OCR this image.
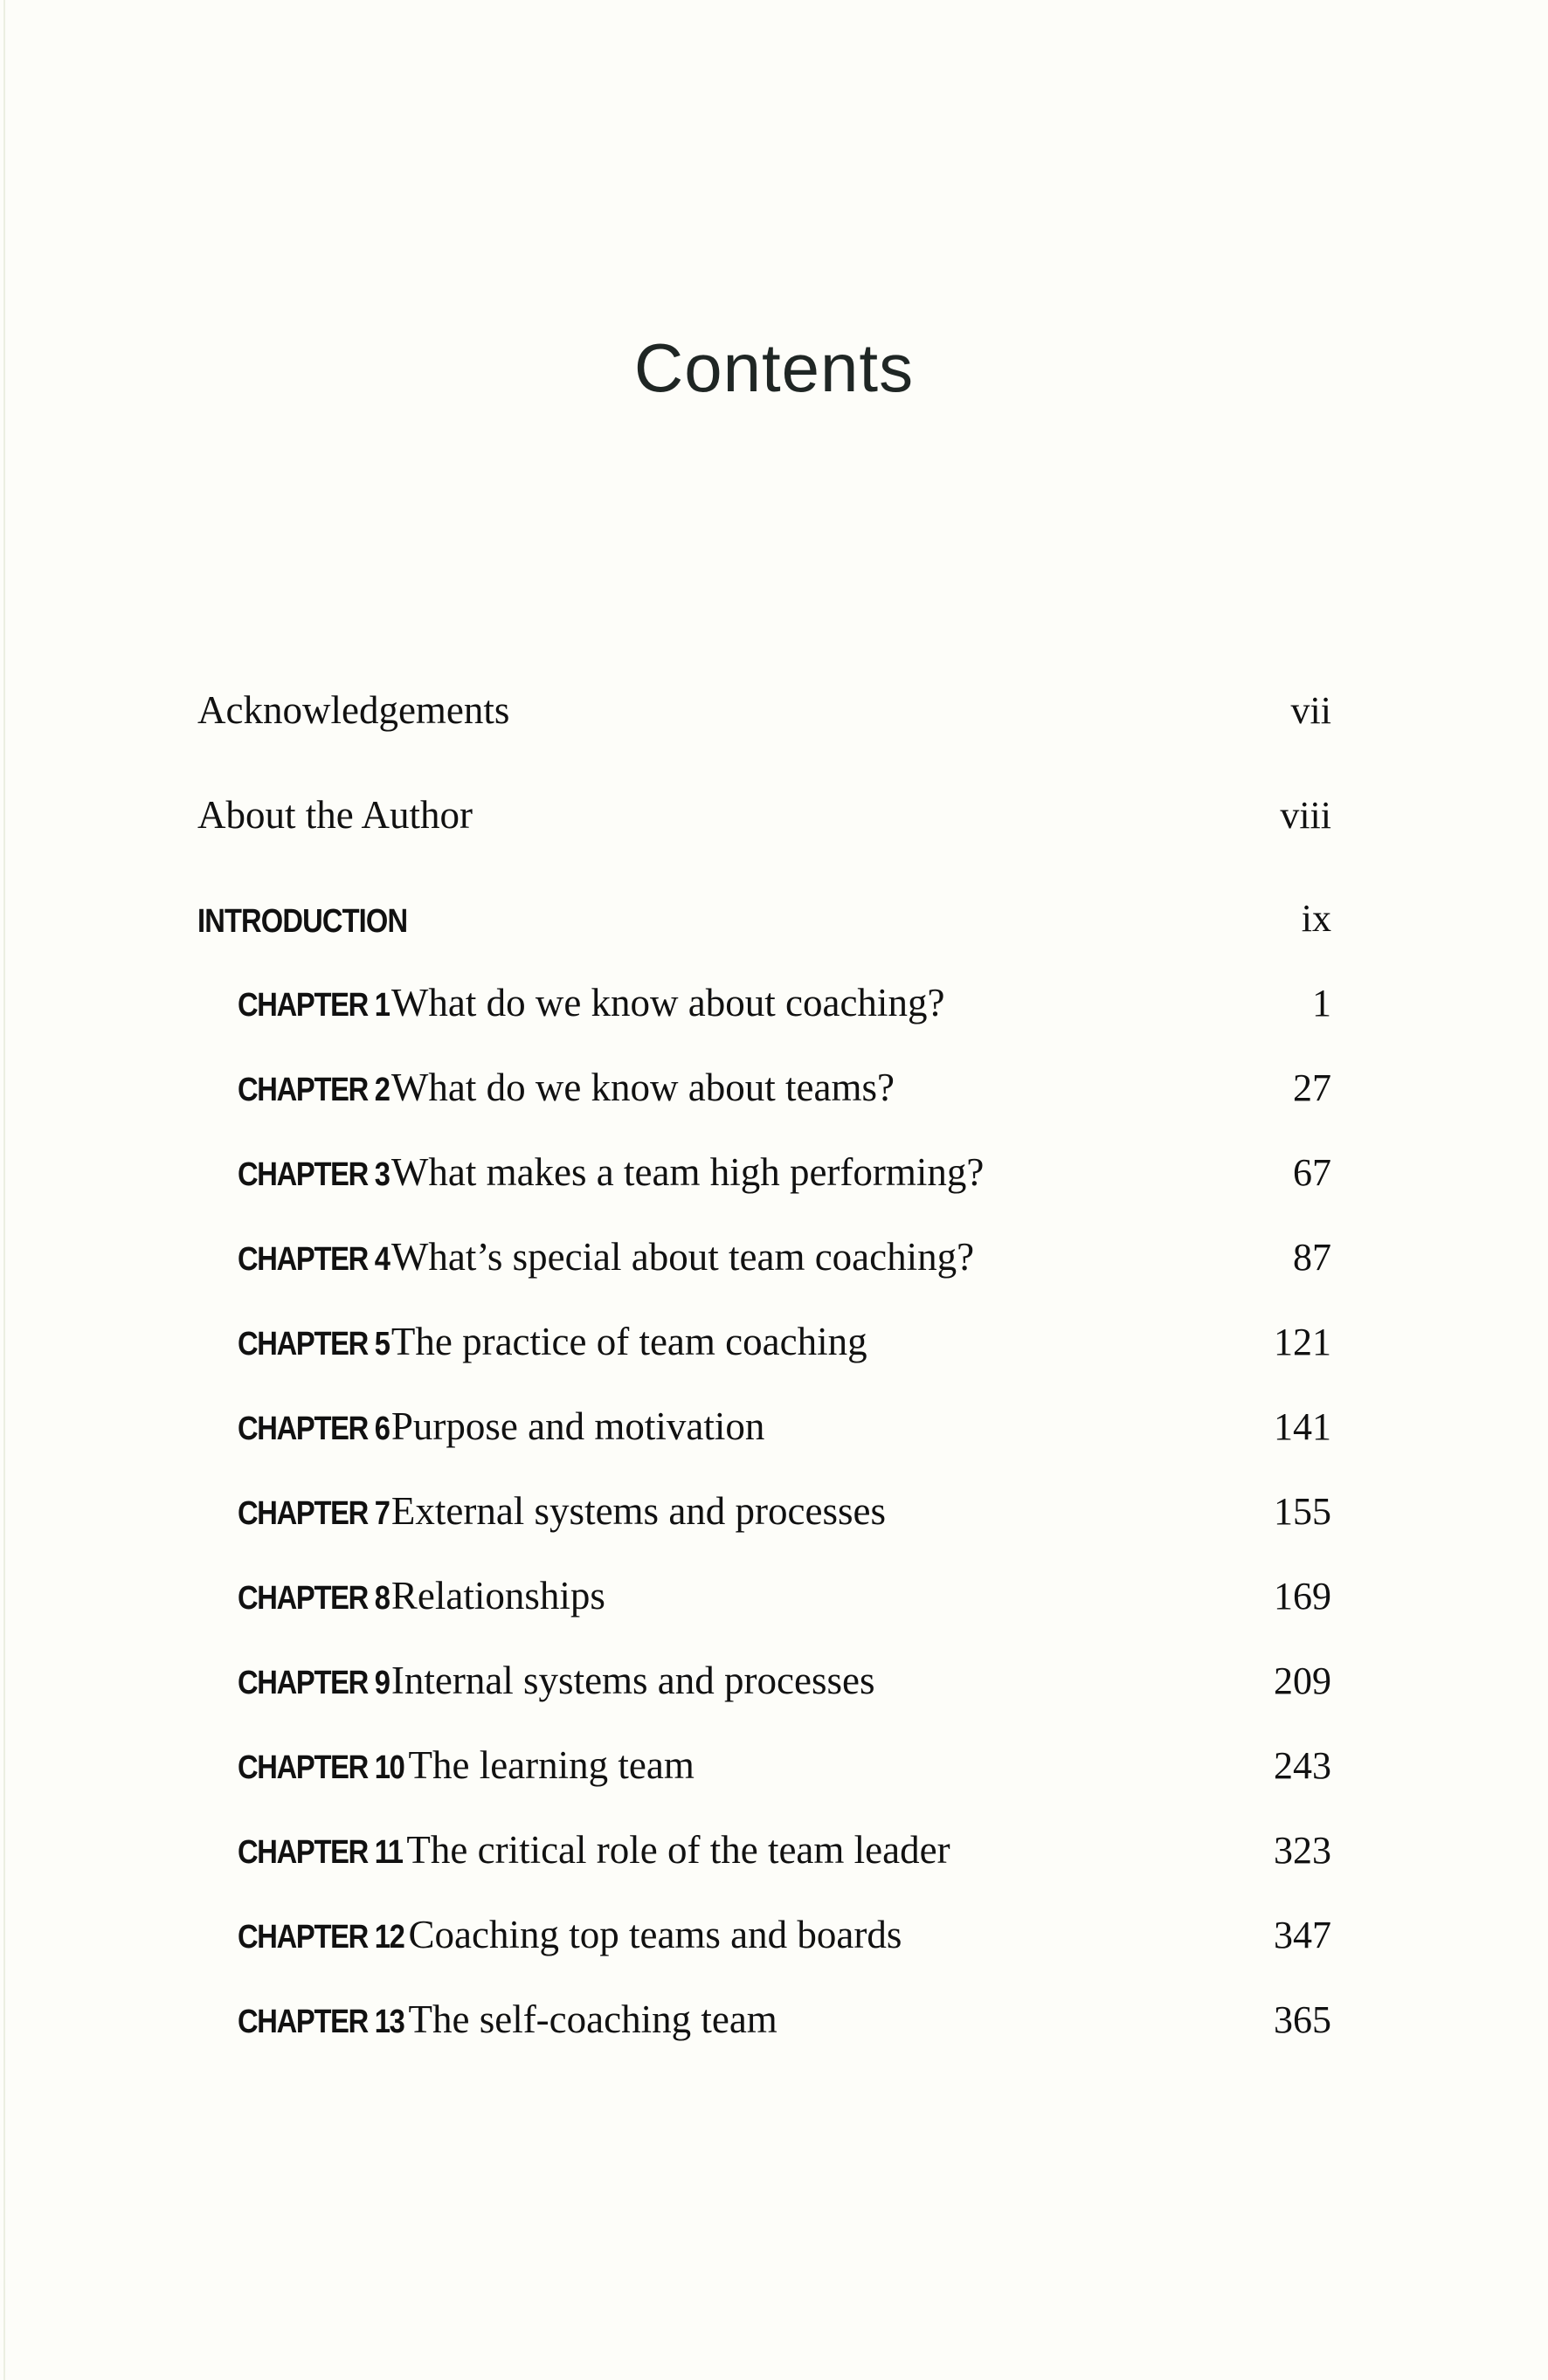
Contents
Acknowledgements	vii
About the Author	viii
INTRODUCTION	ix
CHAPTER 1 What do we know about coaching?	1
CHAPTER 2 What do we know about teams?	27
CHAPTER 3 What makes a team high performing?	67
CHAPTER 4 What’s special about team coaching?	87
CHAPTER 5 The practice of team coaching	121
CHAPTER 6 Purpose and motivation	141
CHAPTER 7 External systems and processes	155
CHAPTER 8 Relationships	169
CHAPTER 9 Internal systems and processes	209
CHAPTER 10 The learning team	243
CHAPTER 11 The critical role of the team leader	323
CHAPTER 12 Coaching top teams and boards	347
CHAPTER 13 The self-coaching team	365
